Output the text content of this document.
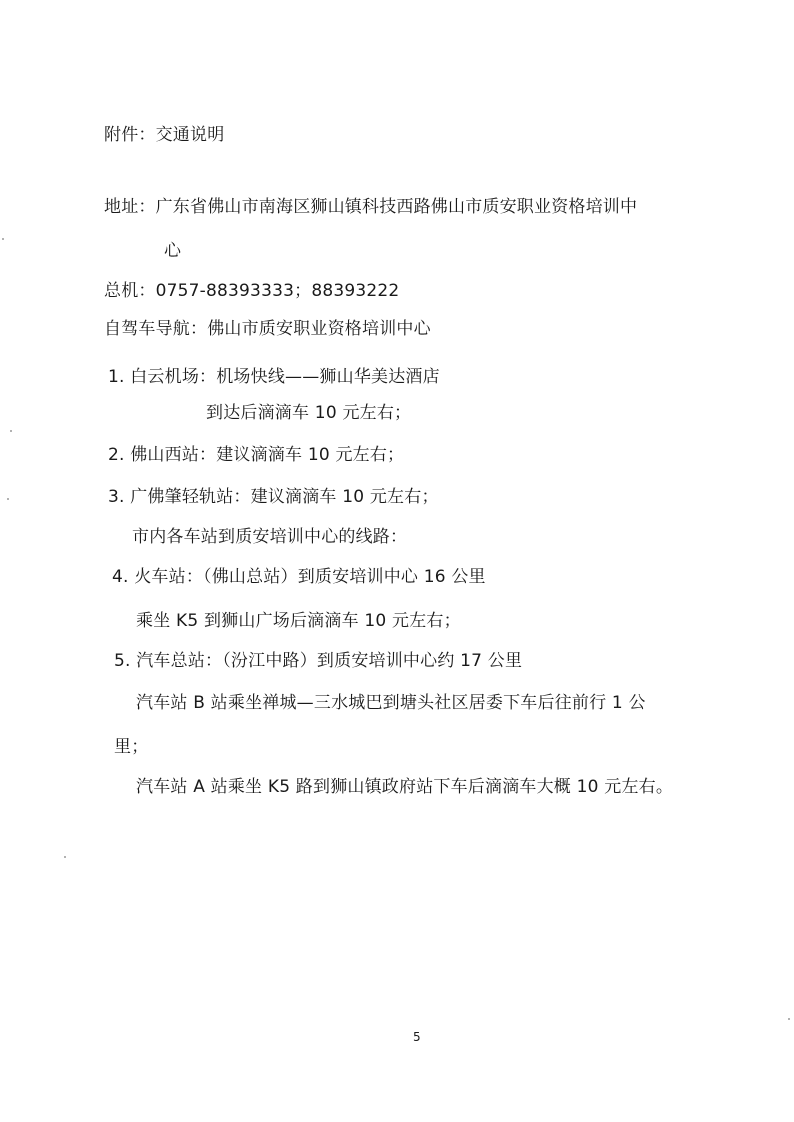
附件：交通说明
地址：广东省佛山市南海区狮山镇科技西路佛山市质安职业资格培训中
心
总机：0757-88393333；88393222
自驾车导航：佛山市质安职业资格培训中心
1. 白云机场：机场快线——狮山华美达酒店
到达后滴滴车 10 元左右；
2. 佛山西站：建议滴滴车 10 元左右；
3. 广佛肇轻轨站：建议滴滴车 10 元左右；
市内各车站到质安培训中心的线路：
4. 火车站：（佛山总站）到质安培训中心 16 公里
乘坐 K5 到狮山广场后滴滴车 10 元左右；
5. 汽车总站：（汾江中路）到质安培训中心约 17 公里
汽车站 B 站乘坐禅城—三水城巴到塘头社区居委下车后往前行 1 公
里；
汽车站 A 站乘坐 K5 路到狮山镇政府站下车后滴滴车大概 10 元左右。
5
